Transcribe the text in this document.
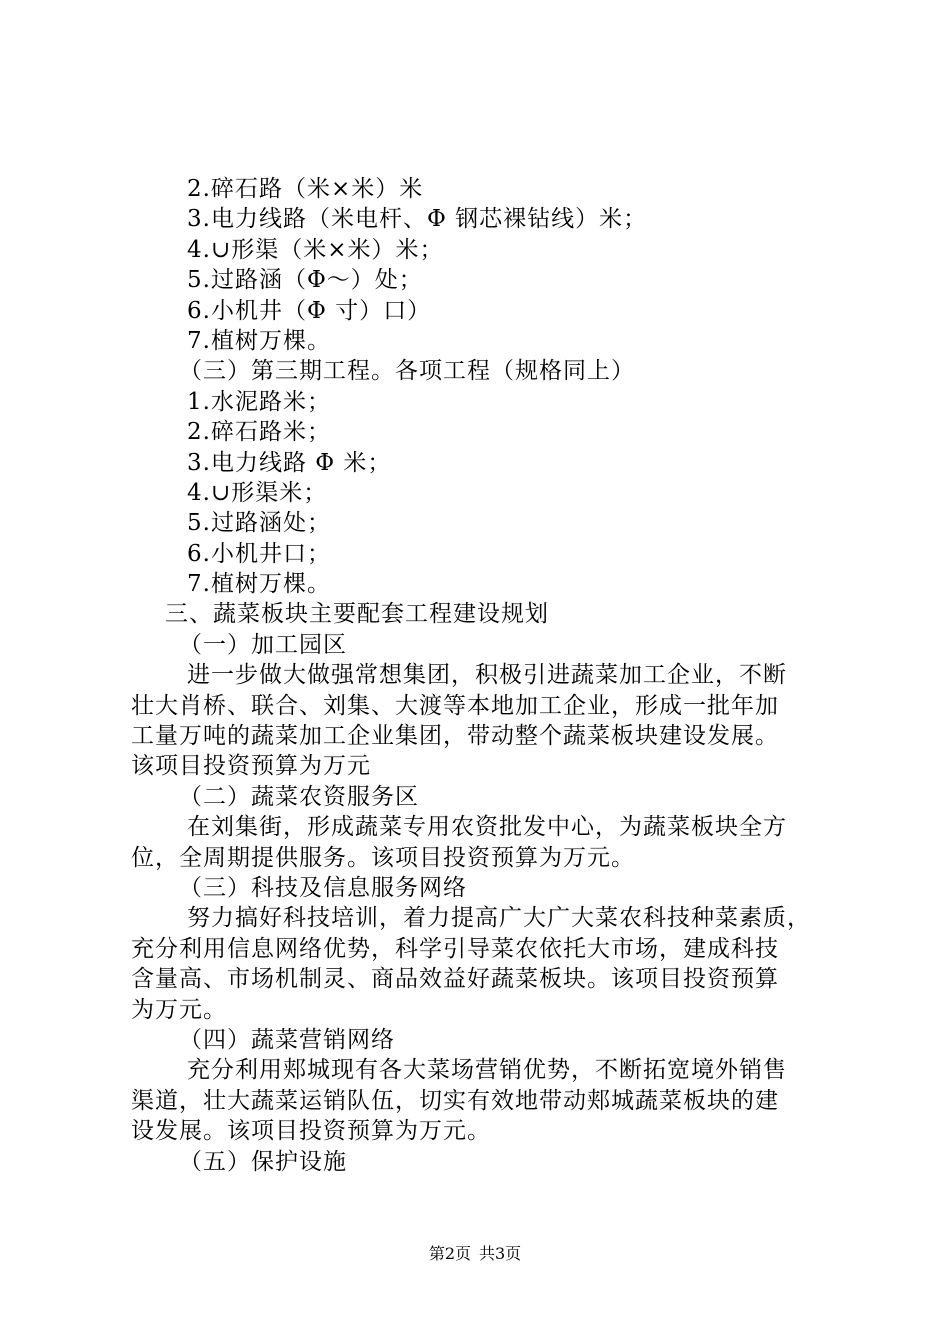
2.碎石路（米×米）米
3.电力线路（米电杆、Φ 钢芯裸钻线）米；
4.∪形渠（米×米）米；
5.过路涵（Φ～）处；
6.小机井（Φ 寸）口）
7.植树万棵。
（三）第三期工程。各项工程（规格同上）
1.水泥路米；
2.碎石路米；
3.电力线路 Φ 米；
4.∪形渠米；
5.过路涵处；
6.小机井口；
7.植树万棵。
三、蔬菜板块主要配套工程建设规划
（一）加工园区
进一步做大做强常想集团，积极引进蔬菜加工企业，不断
壮大肖桥、联合、刘集、大渡等本地加工企业，形成一批年加
工量万吨的蔬菜加工企业集团，带动整个蔬菜板块建设发展。
该项目投资预算为万元
（二）蔬菜农资服务区
在刘集街，形成蔬菜专用农资批发中心，为蔬菜板块全方
位，全周期提供服务。该项目投资预算为万元。
（三）科技及信息服务网络
努力搞好科技培训，着力提高广大广大菜农科技种菜素质，
充分利用信息网络优势，科学引导菜农依托大市场，建成科技
含量高、市场机制灵、商品效益好蔬菜板块。该项目投资预算
为万元。
（四）蔬菜营销网络
充分利用郏城现有各大菜场营销优势，不断拓宽境外销售
渠道，壮大蔬菜运销队伍，切实有效地带动郏城蔬菜板块的建
设发展。该项目投资预算为万元。
（五）保护设施
第2页 共3页
